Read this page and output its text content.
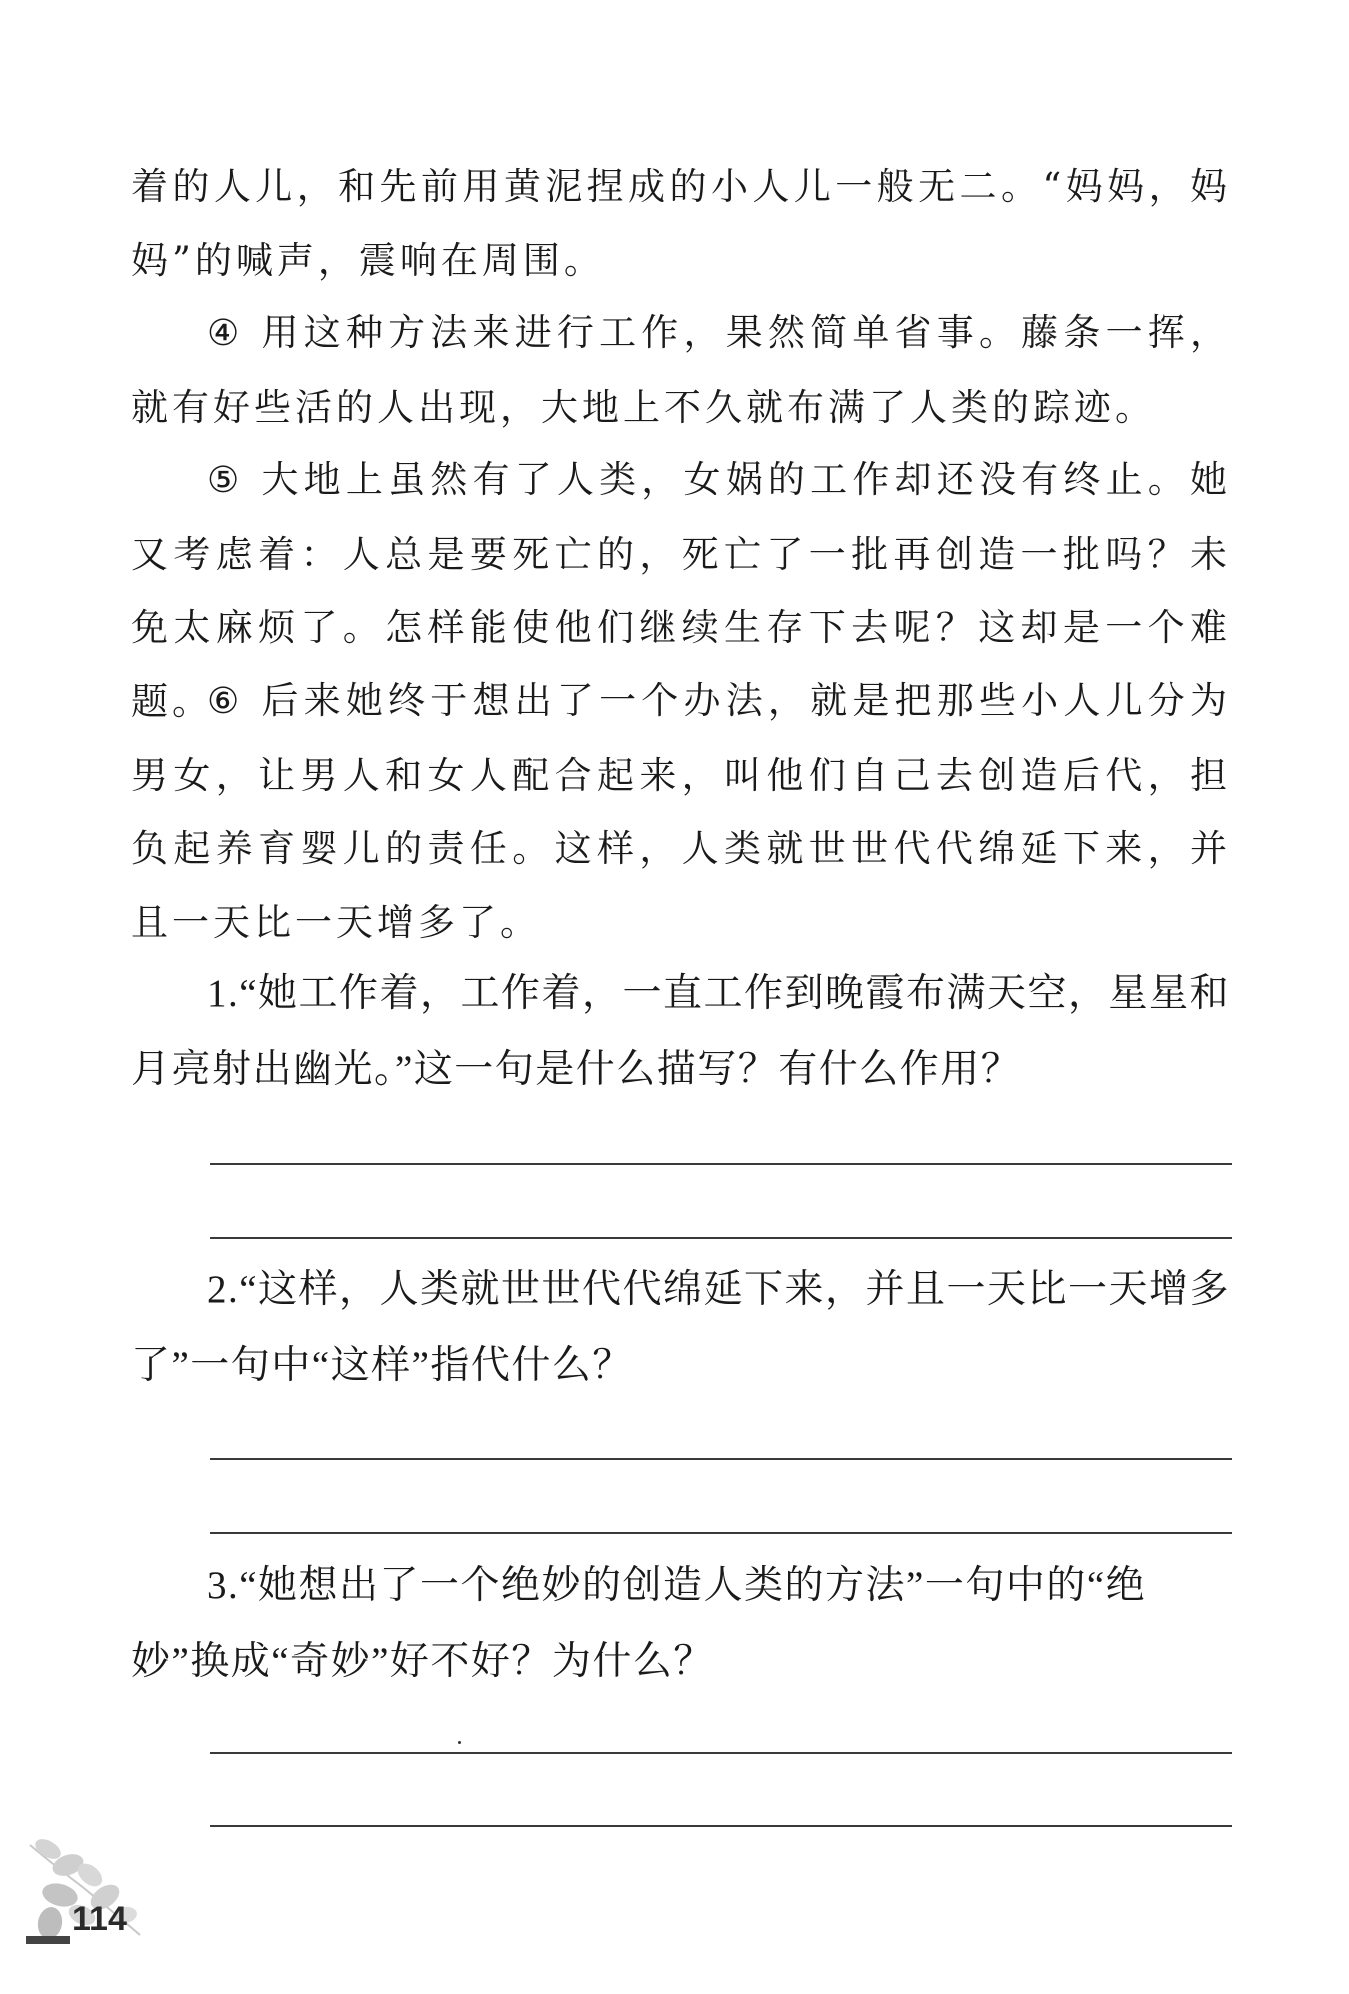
着的人儿，和先前用黄泥捏成的小人儿一般无二。“妈妈，妈妈”的喊声，震响在周围。

④ 用这种方法来进行工作，果然简单省事。藤条一挥，就有好些活的人出现，大地上不久就布满了人类的踪迹。

⑤ 大地上虽然有了人类，女娲的工作却还没有终止。她又考虑着：人总是要死亡的，死亡了一批再创造一批吗？未免太麻烦了。怎样能使他们继续生存下去呢？这却是一个难题。

⑥ 后来她终于想出了一个办法，就是把那些小人儿分为男女，让男人和女人配合起来，叫他们自己去创造后代，担负起养育婴儿的责任。这样，人类就世世代代绵延下来，并且一天比一天增多了。

1.“她工作着，工作着，一直工作到晚霞布满天空，星星和月亮射出幽光。”这一句是什么描写？有什么作用？

2.“这样，人类就世世代代绵延下来，并且一天比一天增多了”一句中“这样”指代什么？

3.“她想出了一个绝妙的创造人类的方法”一句中的“绝妙”换成“奇妙”好不好？为什么？

114
